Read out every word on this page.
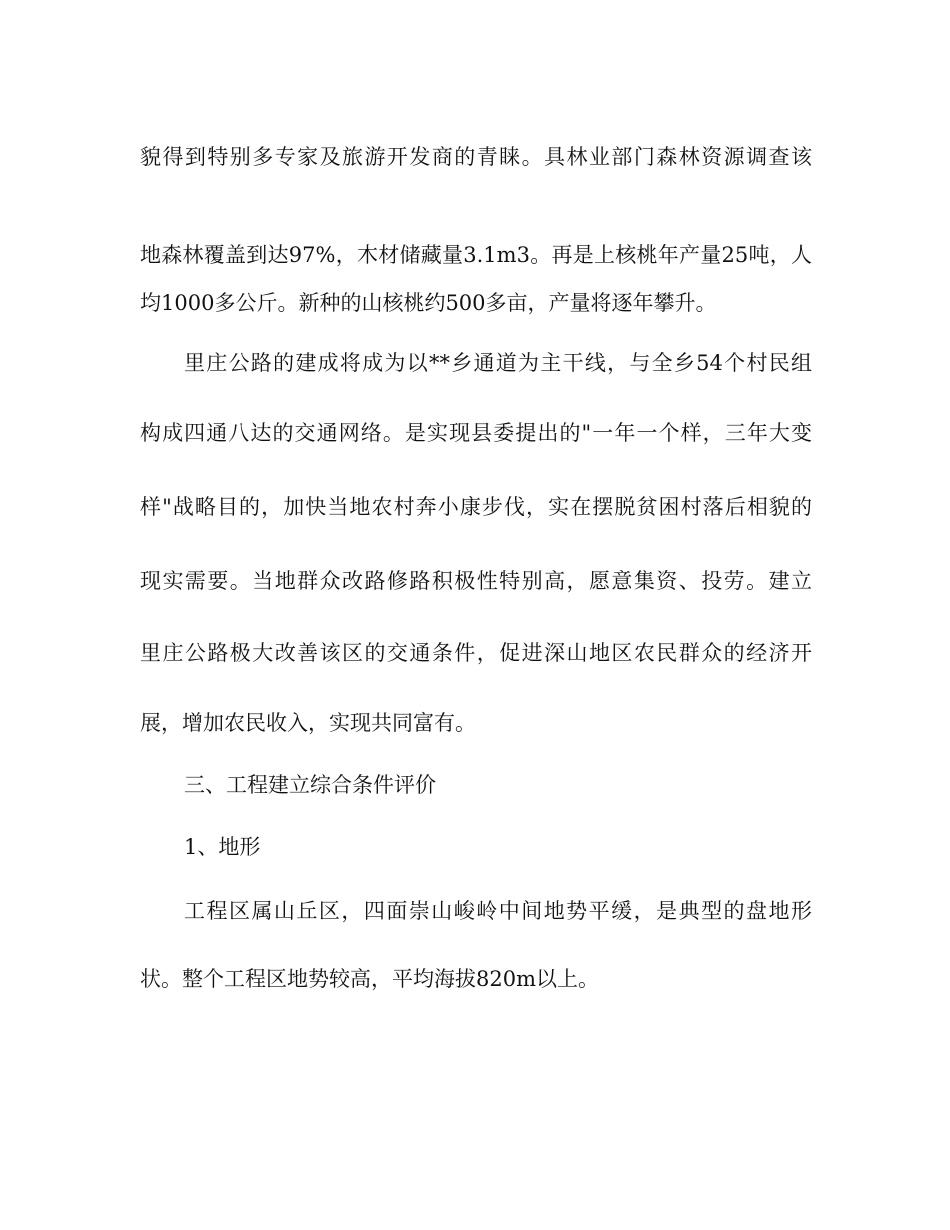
貌得到特别多专家及旅游开发商的青睐。具林业部门森林资源调查该
地森林覆盖到达97%，木材储藏量3.1m3。再是上核桃年产量25吨，人
均1000多公斤。新种的山核桃约500多亩，产量将逐年攀升。
里庄公路的建成将成为以**乡通道为主干线，与全乡54个村民组
构成四通八达的交通网络。是实现县委提出的"一年一个样，三年大变
样"战略目的，加快当地农村奔小康步伐，实在摆脱贫困村落后相貌的
现实需要。当地群众改路修路积极性特别高，愿意集资、投劳。建立
里庄公路极大改善该区的交通条件，促进深山地区农民群众的经济开
展，增加农民收入，实现共同富有。
三、工程建立综合条件评价
1、地形
工程区属山丘区，四面崇山峻岭中间地势平缓，是典型的盘地形
状。整个工程区地势较高，平均海拔820m以上。
